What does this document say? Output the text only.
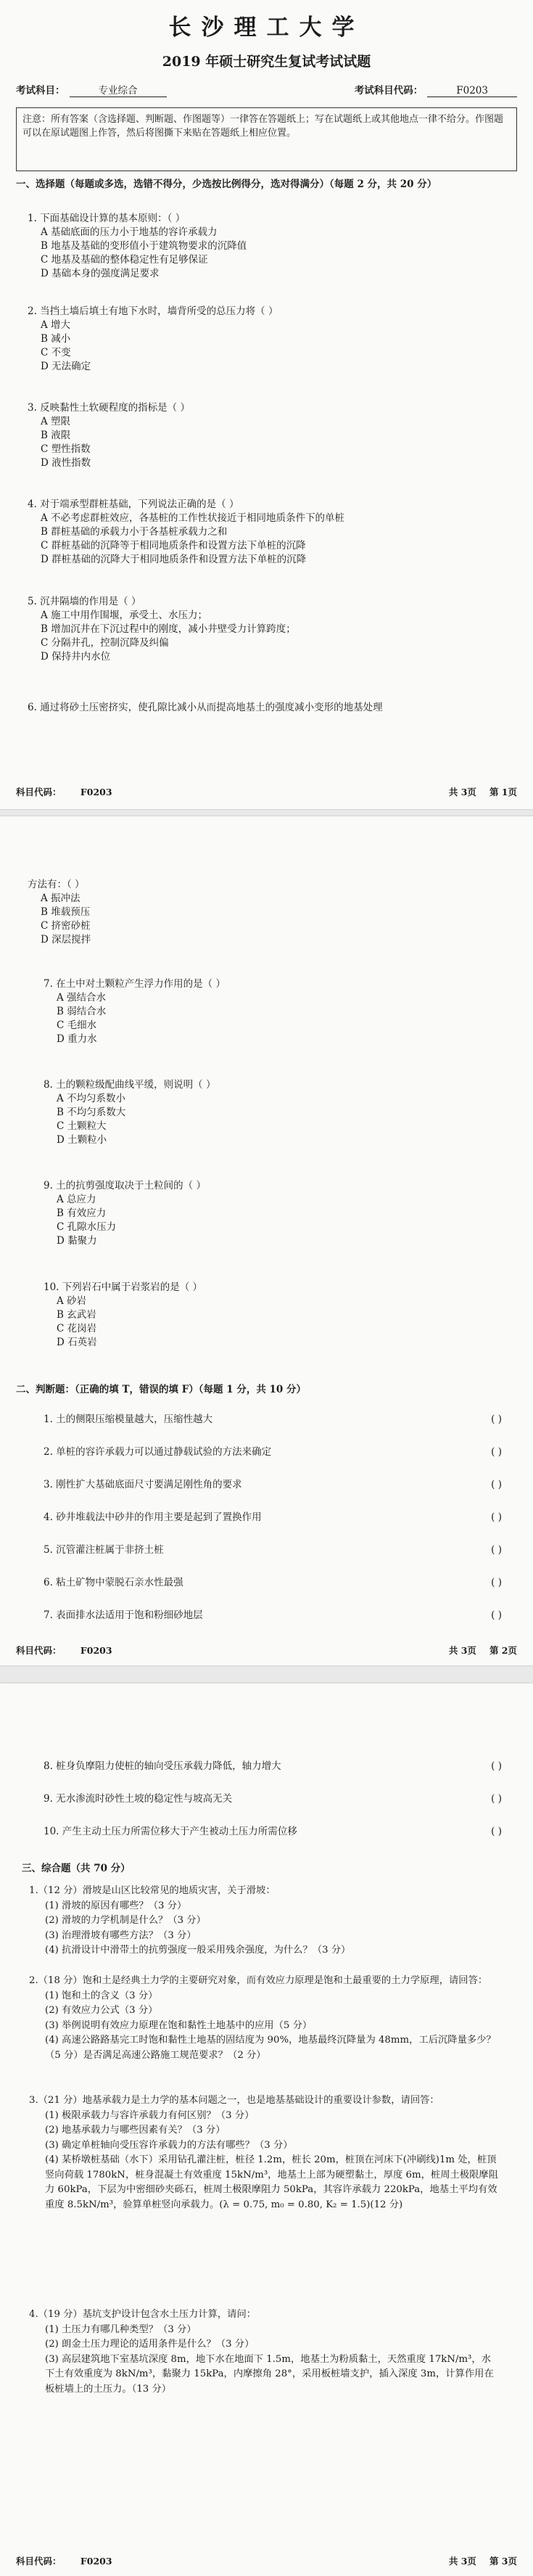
长沙理工大学
2019 年硕士研究生复试考试试题
考试科目：	专业综合	考试科目代码：	F0203
注意：所有答案（含选择题、判断题、作图题等）一律答在答题纸上；写在试题纸上或其他地点一律不给分。作图题可以在原试题图上作答，然后将图撕下来贴在答题纸上相应位置。
一、选择题（每题或多选，选错不得分，少选按比例得分，选对得满分）（每题 2 分，共 20 分）
1. 下面基础设计算的基本原则：（ ）
A 基础底面的压力小于地基的容许承载力
B 地基及基础的变形值小于建筑物要求的沉降值
C 地基及基础的整体稳定性有足够保证
D 基础本身的强度满足要求
2. 当挡土墙后填土有地下水时，墙背所受的总压力将（ ）
A 增大
B 减小
C 不变
D 无法确定
3. 反映黏性土软硬程度的指标是（ ）
A 塑限
B 液限
C 塑性指数
D 液性指数
4. 对于端承型群桩基础，下列说法正确的是（ ）
A 不必考虑群桩效应，各基桩的工作性状接近于相同地质条件下的单桩
B 群桩基础的承载力小于各基桩承载力之和
C 群桩基础的沉降等于相同地质条件和设置方法下单桩的沉降
D 群桩基础的沉降大于相同地质条件和设置方法下单桩的沉降
5. 沉井隔墙的作用是（ ）
A 施工中用作围堰，承受土、水压力；
B 增加沉井在下沉过程中的刚度，减小井壁受力计算跨度；
C 分隔井孔，控制沉降及纠偏
D 保持井内水位
6. 通过将砂土压密挤实，使孔隙比减小从而提高地基土的强度减小变形的地基处理
科目代码： F0203	共 3页 第 1页
方法有：（ ）
A 振冲法
B 堆载预压
C 挤密砂桩
D 深层搅拌
7. 在土中对土颗粒产生浮力作用的是（ ）
A 强结合水
B 弱结合水
C 毛细水
D 重力水
8. 土的颗粒级配曲线平缓，则说明（ ）
A 不均匀系数小
B 不均匀系数大
C 土颗粒大
D 土颗粒小
9. 土的抗剪强度取决于土粒间的（ ）
A 总应力
B 有效应力
C 孔隙水压力
D 黏聚力
10. 下列岩石中属于岩浆岩的是（ ）
A 砂岩
B 玄武岩
C 花岗岩
D 石英岩
二、判断题：（正确的填 T，错误的填 F）（每题 1 分，共 10 分）
1. 土的侧限压缩模量越大，压缩性越大	( )
2. 单桩的容许承载力可以通过静载试验的方法来确定	( )
3. 刚性扩大基础底面尺寸要满足刚性角的要求	( )
4. 砂井堆载法中砂井的作用主要是起到了置换作用	( )
5. 沉管灌注桩属于非挤土桩	( )
6. 粘土矿物中蒙脱石亲水性最强	( )
7. 表面排水法适用于饱和粉细砂地层	( )
科目代码： F0203	共 3页 第 2页
8. 桩身负摩阻力使桩的轴向受压承载力降低，轴力增大	( )
9. 无水渗流时砂性土坡的稳定性与坡高无关	( )
10. 产生主动土压力所需位移大于产生被动土压力所需位移	( )
三、综合题（共 70 分）
1.（12 分）滑坡是山区比较常见的地质灾害，关于滑坡：
(1) 滑坡的原因有哪些？（3 分）
(2) 滑坡的力学机制是什么？（3 分）
(3) 治理滑坡有哪些方法？（3 分）
(4) 抗滑设计中滑带土的抗剪强度一般采用残余强度，为什么？（3 分）
2.（18 分）饱和土是经典土力学的主要研究对象，而有效应力原理是饱和土最重要的土力学原理，请回答：
(1) 饱和土的含义（3 分）
(2) 有效应力公式（3 分）
(3) 举例说明有效应力原理在饱和黏性土地基中的应用（5 分）
(4) 高速公路路基完工时饱和黏性土地基的固结度为 90%，地基最终沉降量为 48mm，工后沉降量多少？（5 分）是否满足高速公路施工规范要求？（2 分）
3.（21 分）地基承载力是土力学的基本问题之一，也是地基基础设计的重要设计参数，请回答：
(1) 极限承载力与容许承载力有何区别？（3 分）
(2) 地基承载力与哪些因素有关？（3 分）
(3) 确定单桩轴向受压容许承载力的方法有哪些？（3 分）
(4) 某桥墩桩基础（水下）采用钻孔灌注桩，桩径 1.2m，桩长 20m，桩顶在河床下(冲刷线)1m 处，桩顶竖向荷载 1780kN，桩身混凝土有效重度 15kN/m³，地基土上部为硬塑黏土，厚度 6m，桩周土极限摩阻力 60kPa，下层为中密细砂夹砾石，桩周土极限摩阻力 50kPa，其容许承载力 220kPa，地基土平均有效重度 8.5kN/m³，验算单桩竖向承载力。(λ = 0.75, m₀ = 0.80, K₂ = 1.5)(12 分)
4.（19 分）基坑支护设计包含水土压力计算，请问：
(1) 土压力有哪几种类型？（3 分）
(2) 朗金土压力理论的适用条件是什么？（3 分）
(3) 高层建筑地下室基坑深度 8m，地下水在地面下 1.5m，地基土为粉质黏土，天然重度 17kN/m³，水下土有效重度为 8kN/m³，黏聚力 15kPa，内摩擦角 28°，采用板桩墙支护，插入深度 3m，计算作用在板桩墙上的土压力。（13 分）
科目代码： F0203	共 3页 第 3页
